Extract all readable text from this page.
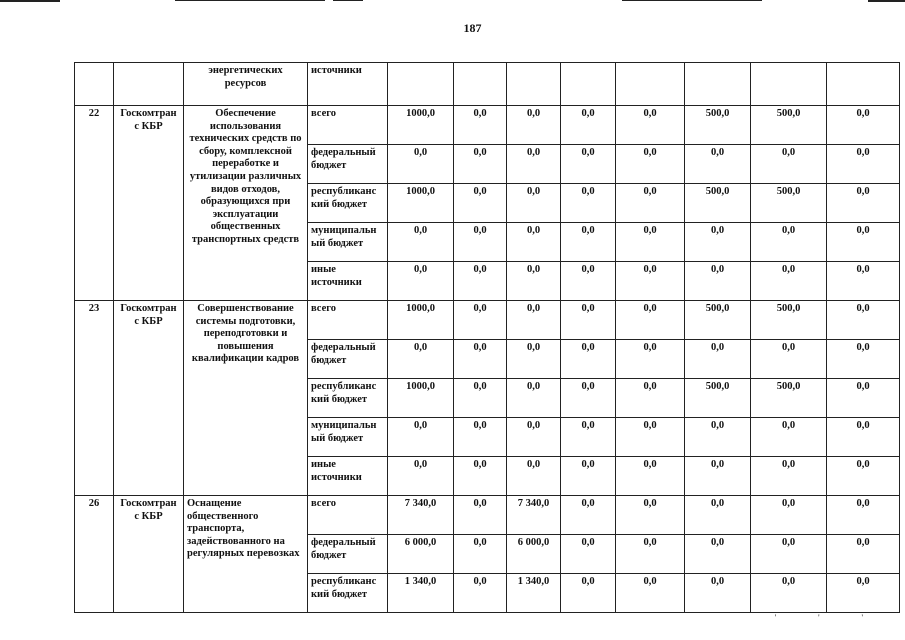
187
		энергетических ресурсов	источники								
22	Госкомтран с КБР	Обеспечение использования технических средств по сбору, комплексной переработке и утилизации различных видов отходов, образующихся при эксплуатации общественных транспортных средств	всего	1000,0	0,0	0,0	0,0	0,0	500,0	500,0	0,0
			федеральный бюджет	0,0	0,0	0,0	0,0	0,0	0,0	0,0	0,0
			республиканс кий бюджет	1000,0	0,0	0,0	0,0	0,0	500,0	500,0	0,0
			муниципальн ый бюджет	0,0	0,0	0,0	0,0	0,0	0,0	0,0	0,0
			иные источники	0,0	0,0	0,0	0,0	0,0	0,0	0,0	0,0
23	Госкомтран с КБР	Совершенствование системы подготовки, переподготовки и повышения квалификации кадров	всего	1000,0	0,0	0,0	0,0	0,0	500,0	500,0	0,0
			федеральный бюджет	0,0	0,0	0,0	0,0	0,0	0,0	0,0	0,0
			республиканс кий бюджет	1000,0	0,0	0,0	0,0	0,0	500,0	500,0	0,0
			муниципальн ый бюджет	0,0	0,0	0,0	0,0	0,0	0,0	0,0	0,0
			иные источники	0,0	0,0	0,0	0,0	0,0	0,0	0,0	0,0
26	Госкомтран с КБР	Оснащение общественного транспорта, задействованного на регулярных перевозках	всего	7 340,0	0,0	7 340,0	0,0	0,0	0,0	0,0	0,0
			федеральный бюджет	6 000,0	0,0	6 000,0	0,0	0,0	0,0	0,0	0,0
			республиканс кий бюджет	1 340,0	0,0	1 340,0	0,0	0,0	0,0	0,0	0,0
' ' '
